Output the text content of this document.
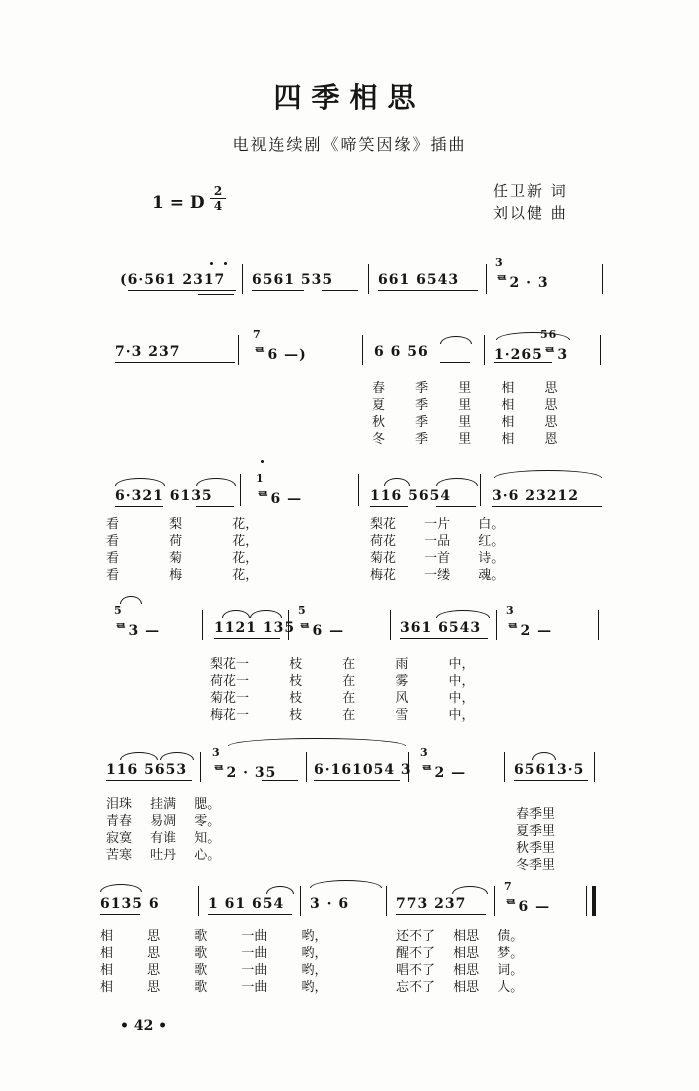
四季相思
电视连续剧《啼笑因缘》插曲
1 = D
2
4
任卫新 词
刘以健 曲
(6·561 2317 6561 535	661 6543
3
ᄅ2 · 3
7·3 237
7
ᄅ6 —)	6 6 56
56
1·265ᄅ3
春 季 里 相 思
夏 季 里 相 思
秋 季 里 相 思
冬 季 里 相 恩
6·321 6135
1
ᄅ6 —	116 5654	3·6 23212
看 梨 花，
看 荷 花，
看 菊 花，
看 梅 花，
梨花 一片 白。
荷花 一品 红。
菊花 一首 诗。
梅花 一缕 魂。
5
ᄅ3 —	1121 135
5
ᄅ6 —	361 6543
3
ᄅ2 —
梨花一 枝 在 雨 中，
荷花一 枝 在 雾 中，
菊花一 枝 在 风 中，
梅花一 枝 在 雪 中，
116 5653
3
ᄅ2 · 35	6·161054 3
3
ᄅ2 —	65613·5
泪珠 挂满 腮。
青春 易凋 零。
寂寞 有谁 知。
苦寒 吐丹 心。
春季里
夏季里
秋季里
冬季里
6135 6	1 61 654 3 · 6	773 237
7
ᄅ6 —
相 思 歌 一曲 哟，
相 思 歌 一曲 哟，
相 思 歌 一曲 哟，
相 思 歌 一曲 哟，
还不了 相思 债。
醒不了 相思 梦。
唱不了 相思 词。
忘不了 相思 人。
• 42 •
